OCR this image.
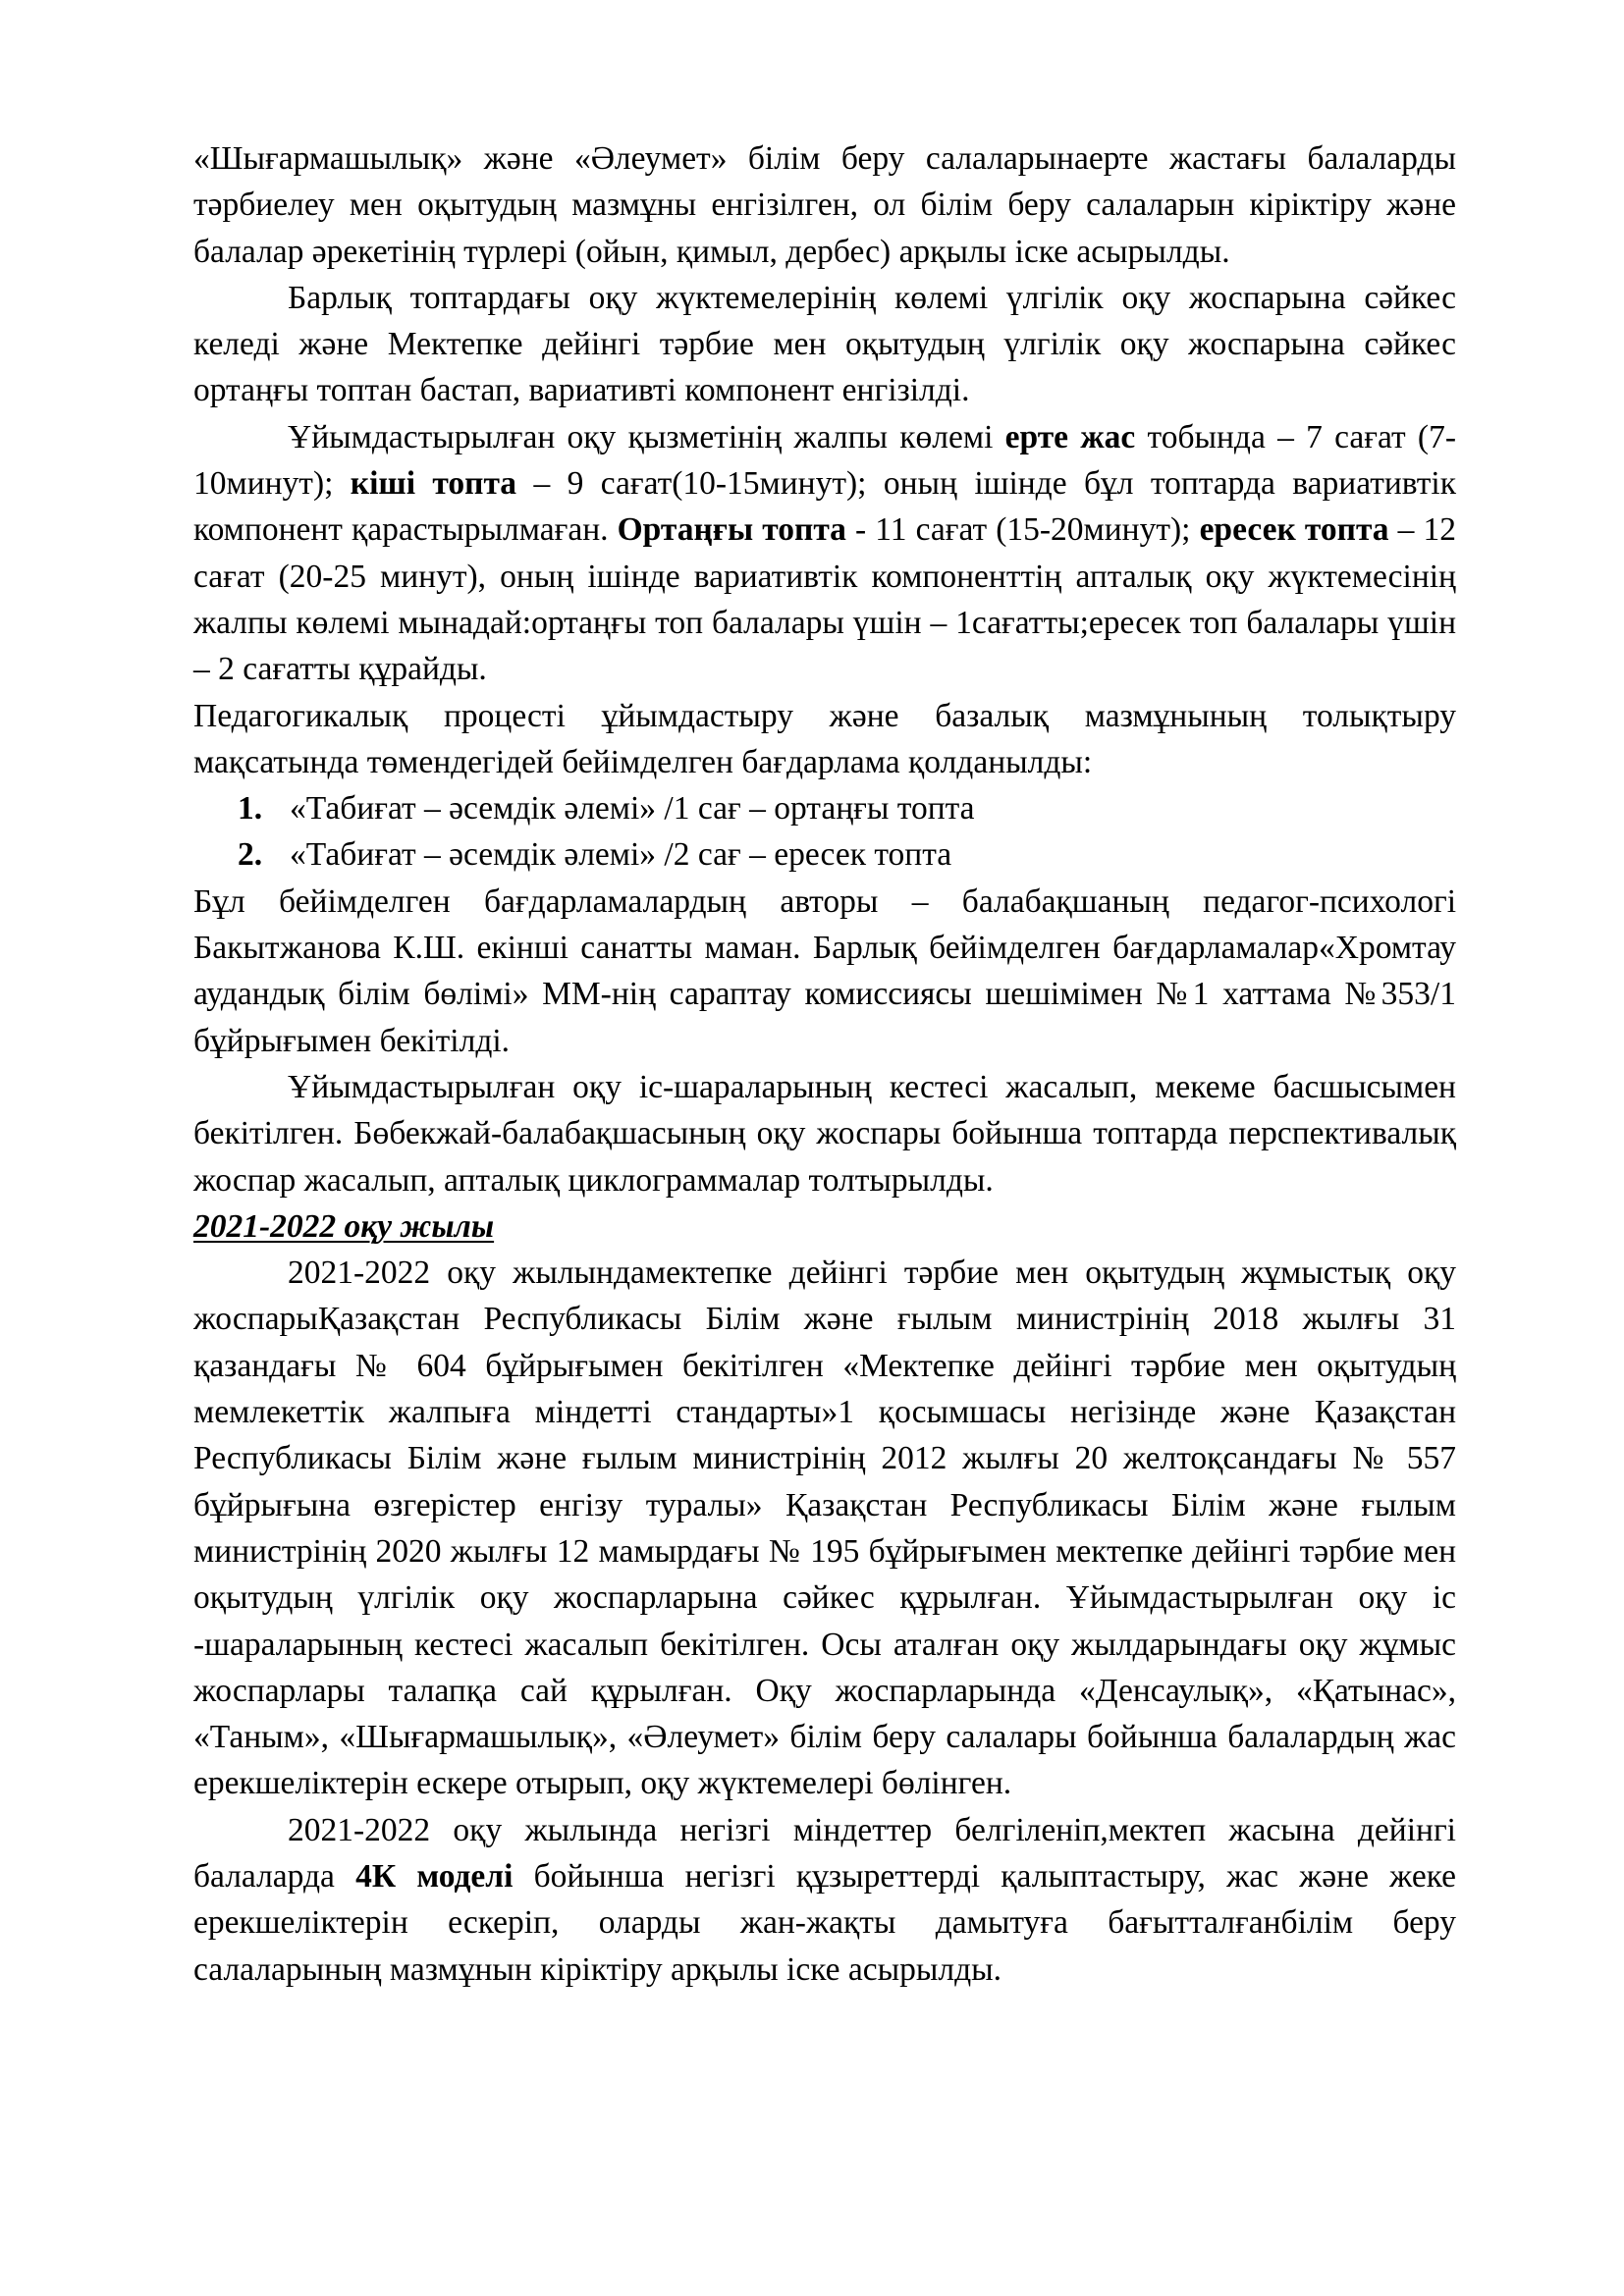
«Шығармашылық» және «Әлеумет» білім беру салаларынаерте жастағы балаларды тәрбиелеу мен оқытудың мазмұны енгізілген, ол білім беру салаларын кіріктіру және балалар әрекетінің түрлері (ойын, қимыл, дербес) арқылы іске асырылды.

Барлық топтардағы оқу жүктемелерінің көлемі үлгілік оқу жоспарына сәйкес келеді және Мектепке дейінгі тәрбие мен оқытудың үлгілік оқу жоспарына сәйкес ортаңғы топтан бастап, вариативті компонент енгізілді.

Ұйымдастырылған оқу қызметінің жалпы көлемі ерте жас тобында – 7 сағат (7-10минут); кіші топта – 9 сағат(10-15минут); оның ішінде бұл топтарда вариативтік компонент қарастырылмаған. Ортаңғы топта - 11 сағат (15-20минут); ересек топта – 12 сағат (20-25 минут), оның ішінде вариативтік компоненттің апталық оқу жүктемесінің жалпы көлемі мынадай:ортаңғы топ балалары үшін – 1сағатты;ересек топ балалары үшін – 2 сағатты құрайды.

Педагогикалық процесті ұйымдастыру және базалық мазмұнының толықтыру мақсатында төмендегідей бейімделген бағдарлама қолданылды:

1. «Табиғат – әсемдік әлемі» /1 сағ – ортаңғы топта
2. «Табиғат – әсемдік әлемі» /2 сағ – ересек топта

Бұл бейімделген бағдарламалардың авторы – балабақшаның педагог-психологі Бакытжанова К.Ш. екінші санатты маман. Барлық бейімделген бағдарламалар«Хромтау аудандық білім бөлімі» ММ-нің сараптау комиссиясы шешімімен №1 хаттама №353/1 бұйрығымен бекітілді.

Ұйымдастырылған оқу іс-шараларының кестесі жасалып, мекеме басшысымен бекітілген. Бөбекжай-балабақшасының оқу жоспары бойынша топтарда перспективалық жоспар жасалып, апталық циклограммалар толтырылды.

2021-2022 оқу жылы

2021-2022 оқу жылындамектепке дейінгі тәрбие мен оқытудың жұмыстық оқу жоспарыҚазақстан Республикасы Білім және ғылым министрінің 2018 жылғы 31 қазандағы № 604 бұйрығымен бекітілген «Мектепке дейінгі тәрбие мен оқытудың мемлекеттік жалпыға міндетті стандарты»1 қосымшасы негізінде және Қазақстан Республикасы Білім және ғылым министрінің 2012 жылғы 20 желтоқсандағы № 557 бұйрығына өзгерістер енгізу туралы» Қазақстан Республикасы Білім және ғылым министрінің 2020 жылғы 12 мамырдағы № 195 бұйрығымен мектепке дейінгі тәрбие мен оқытудың үлгілік оқу жоспарларына сәйкес құрылған. Ұйымдастырылған оқу іс -шараларының кестесі жасалып бекітілген. Осы аталған оқу жылдарындағы оқу жұмыс жоспарлары талапқа сай құрылған. Оқу жоспарларында «Денсаулық», «Қатынас», «Таным», «Шығармашылық», «Әлеумет» білім беру салалары бойынша балалардың жас ерекшеліктерін ескере отырып, оқу жүктемелері бөлінген.

2021-2022 оқу жылында негізгі міндеттер белгіленіп,мектеп жасына дейінгі балаларда 4К моделі бойынша негізгі құзыреттерді қалыптастыру, жас және жеке ерекшеліктерін ескеріп, оларды жан-жақты дамытуға бағытталғанбілім беру салаларының мазмұнын кіріктіру арқылы іске асырылды.
